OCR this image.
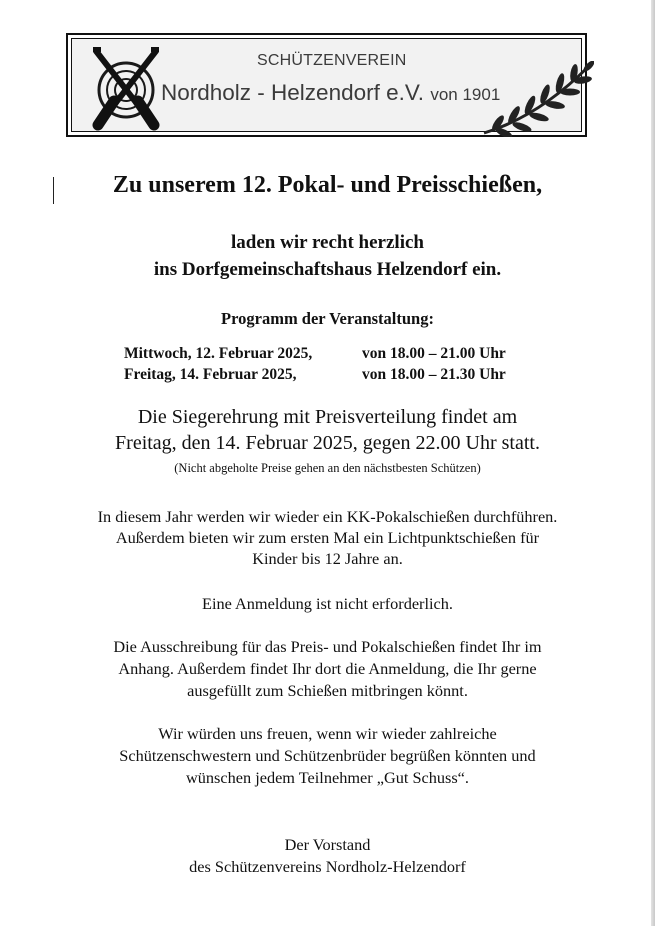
SCHÜTZENVEREIN
Nordholz - Helzendorf e.V. von 1901

Zu unserem 12. Pokal- und Preisschießen,

laden wir recht herzlich

ins Dorfgemeinschaftshaus Helzendorf ein.

Programm der Veranstaltung:

Mittwoch, 12. Februar 2025,	von 18.00 – 21.00 Uhr
Freitag, 14. Februar 2025,	von 18.00 – 21.30 Uhr

Die Siegerehrung mit Preisverteilung findet am

Freitag, den 14. Februar 2025, gegen 22.00 Uhr statt.

(Nicht abgeholte Preise gehen an den nächstbesten Schützen)

In diesem Jahr werden wir wieder ein KK-Pokalschießen durchführen.

Außerdem bieten wir zum ersten Mal ein Lichtpunktschießen für

Kinder bis 12 Jahre an.

Eine Anmeldung ist nicht erforderlich.

Die Ausschreibung für das Preis- und Pokalschießen findet Ihr im

Anhang. Außerdem findet Ihr dort die Anmeldung, die Ihr gerne

ausgefüllt zum Schießen mitbringen könnt.

Wir würden uns freuen, wenn wir wieder zahlreiche

Schützenschwestern und Schützenbrüder begrüßen könnten und

wünschen jedem Teilnehmer „Gut Schuss“.

Der Vorstand

des Schützenvereins Nordholz-Helzendorf
